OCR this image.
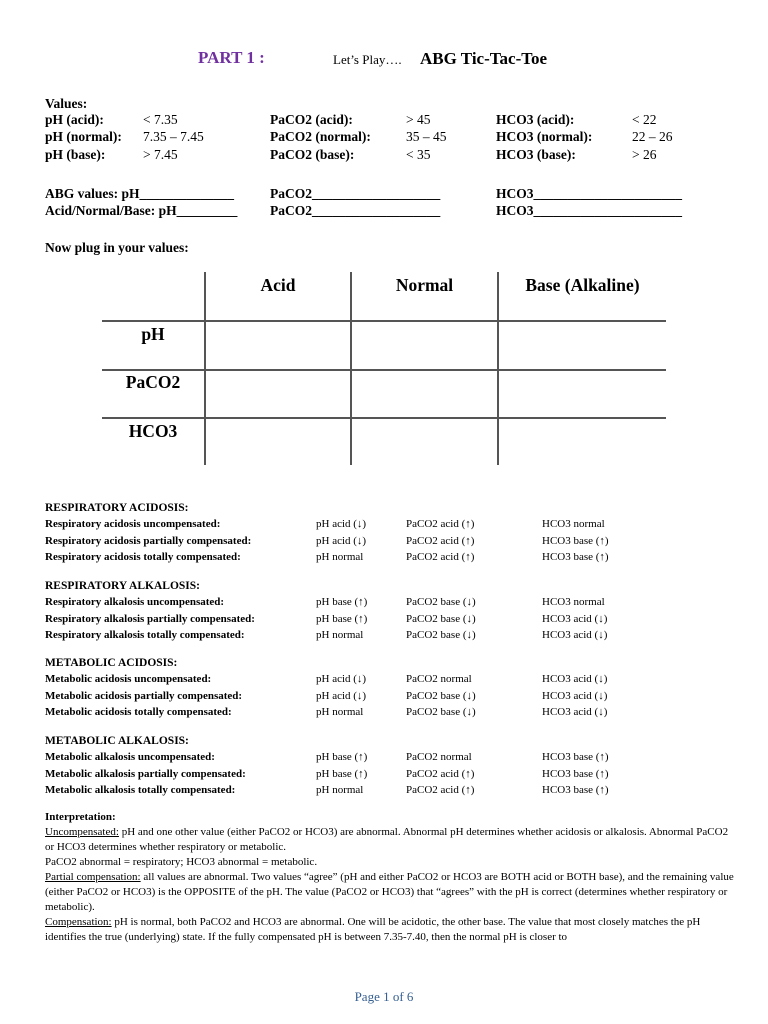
PART 1 :	Let’s Play…. ABG Tic-Tac-Toe
Values:
pH (acid):	< 7.35	PaCO2 (acid):	> 45	HCO3 (acid):	< 22
pH (normal): 7.35 – 7.45	PaCO2 (normal):	35 – 45	HCO3 (normal):	22 – 26
pH (base):	> 7.45	PaCO2 (base):	< 35	HCO3 (base):	> 26
ABG values: pH______________	PaCO2___________________	HCO3______________________
Acid/Normal/Base: pH_________ PaCO2___________________	HCO3______________________
Now plug in your values:
Acid	Normal	Base (Alkaline)
pH
PaCO2
HCO3
RESPIRATORY ACIDOSIS:
Respiratory acidosis uncompensated:	pH acid (↓)	PaCO2 acid (↑)	HCO3 normal
Respiratory acidosis partially compensated:	pH acid (↓)	PaCO2 acid (↑)	HCO3 base (↑)
Respiratory acidosis totally compensated:	pH normal	PaCO2 acid (↑)	HCO3 base (↑)
RESPIRATORY ALKALOSIS:
Respiratory alkalosis uncompensated:	pH base (↑)	PaCO2 base (↓)	HCO3 normal
Respiratory alkalosis partially compensated:	pH base (↑)	PaCO2 base (↓)	HCO3 acid (↓)
Respiratory alkalosis totally compensated:	pH normal	PaCO2 base (↓)	HCO3 acid (↓)
METABOLIC ACIDOSIS:
Metabolic acidosis uncompensated:	pH acid (↓)	PaCO2 normal	HCO3 acid (↓)
Metabolic acidosis partially compensated:	pH acid (↓)	PaCO2 base (↓)	HCO3 acid (↓)
Metabolic acidosis totally compensated:	pH normal	PaCO2 base (↓)	HCO3 acid (↓)
METABOLIC ALKALOSIS:
Metabolic alkalosis uncompensated:	pH base (↑)	PaCO2 normal	HCO3 base (↑)
Metabolic alkalosis partially compensated:	pH base (↑)	PaCO2 acid (↑)	HCO3 base (↑)
Metabolic alkalosis totally compensated:	pH normal	PaCO2 acid (↑)	HCO3 base (↑)

Interpretation:

Uncompensated: pH and one other value (either PaCO2 or HCO3) are abnormal. Abnormal pH determines whether acidosis or alkalosis. Abnormal PaCO2 or HCO3 determines whether respiratory or metabolic.

PaCO2 abnormal = respiratory; HCO3 abnormal = metabolic.

Partial compensation: all values are abnormal. Two values “agree” (pH and either PaCO2 or HCO3 are BOTH acid or BOTH base), and the remaining value (either PaCO2 or HCO3) is the OPPOSITE of the pH. The value (PaCO2 or HCO3) that “agrees” with the pH is correct (determines whether respiratory or metabolic).

Compensation: pH is normal, both PaCO2 and HCO3 are abnormal. One will be acidotic, the other base. The value that most closely matches the pH identifies the true (underlying) state. If the fully compensated pH is between 7.35-7.40, then the normal pH is closer to

Page 1 of 6
